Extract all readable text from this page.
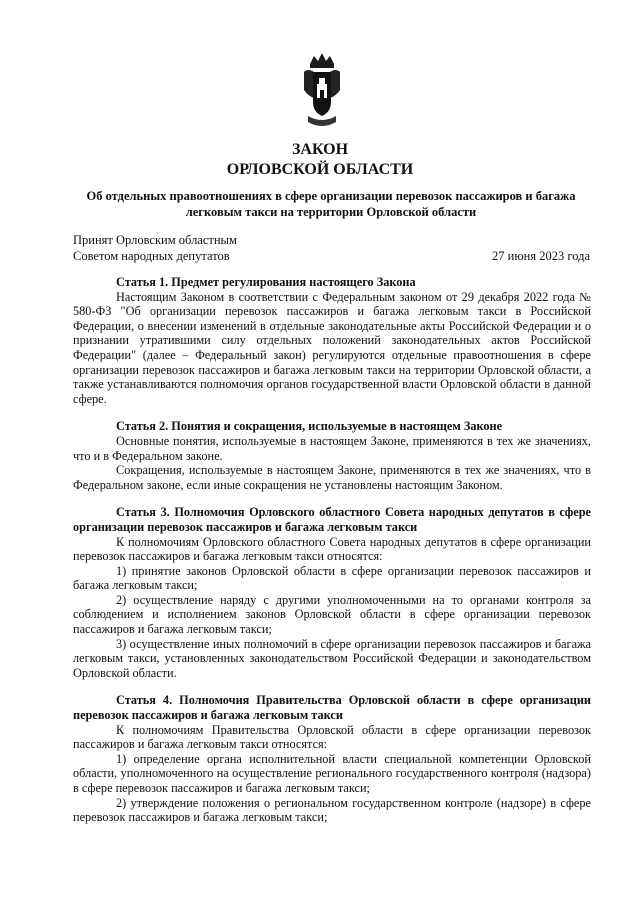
ЗАКОН
ОРЛОВСКОЙ ОБЛАСТИ
Об отдельных правоотношениях в сфере организации перевозок пассажиров и багажа легковым такси на территории Орловской области
Принят Орловским областным
Советом народных депутатов	27 июня 2023 года

Статья 1. Предмет регулирования настоящего Закона

Настоящим Законом в соответствии с Федеральным законом от 29 декабря 2022 года № 580-ФЗ "Об организации перевозок пассажиров и багажа легковым такси в Российской Федерации, о внесении изменений в отдельные законодательные акты Российской Федерации и о признании утратившими силу отдельных положений законодательных актов Российской Федерации" (далее – Федеральный закон) регулируются отдельные правоотношения в сфере организации перевозок пассажиров и багажа легковым такси на территории Орловской области, а также устанавливаются полномочия органов государственной власти Орловской области в данной сфере.

Статья 2. Понятия и сокращения, используемые в настоящем Законе

Основные понятия, используемые в настоящем Законе, применяются в тех же значениях, что и в Федеральном законе.

Сокращения, используемые в настоящем Законе, применяются в тех же значениях, что в Федеральном законе, если иные сокращения не установлены настоящим Законом.

Статья 3. Полномочия Орловского областного Совета народных депутатов в сфере организации перевозок пассажиров и багажа легковым такси

К полномочиям Орловского областного Совета народных депутатов в сфере организации перевозок пассажиров и багажа легковым такси относятся:

1) принятие законов Орловской области в сфере организации перевозок пассажиров и багажа легковым такси;

2) осуществление наряду с другими уполномоченными на то органами контроля за соблюдением и исполнением законов Орловской области в сфере организации перевозок пассажиров и багажа легковым такси;

3) осуществление иных полномочий в сфере организации перевозок пассажиров и багажа легковым такси, установленных законодательством Российской Федерации и законодательством Орловской области.

Статья 4. Полномочия Правительства Орловской области в сфере организации перевозок пассажиров и багажа легковым такси

К полномочиям Правительства Орловской области в сфере организации перевозок пассажиров и багажа легковым такси относятся:

1) определение органа исполнительной власти специальной компетенции Орловской области, уполномоченного на осуществление регионального государственного контроля (надзора) в сфере перевозок пассажиров и багажа легковым такси;

2) утверждение положения о региональном государственном контроле (надзоре) в сфере перевозок пассажиров и багажа легковым такси;
